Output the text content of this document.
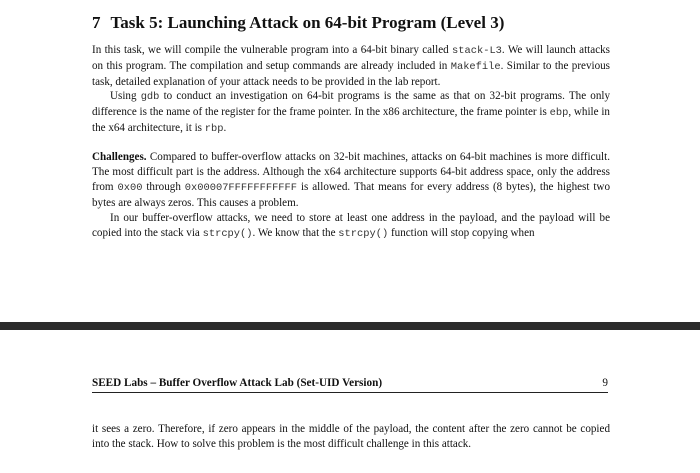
7 Task 5: Launching Attack on 64-bit Program (Level 3)
In this task, we will compile the vulnerable program into a 64-bit binary called stack-L3. We will launch attacks on this program. The compilation and setup commands are already included in Makefile. Similar to the previous task, detailed explanation of your attack needs to be provided in the lab report.
Using gdb to conduct an investigation on 64-bit programs is the same as that on 32-bit programs. The only difference is the name of the register for the frame pointer. In the x86 architecture, the frame pointer is ebp, while in the x64 architecture, it is rbp.
Challenges. Compared to buffer-overflow attacks on 32-bit machines, attacks on 64-bit machines is more difficult. The most difficult part is the address. Although the x64 architecture supports 64-bit address space, only the address from 0x00 through 0x00007FFFFFFFFFFF is allowed. That means for every address (8 bytes), the highest two bytes are always zeros. This causes a problem.
In our buffer-overflow attacks, we need to store at least one address in the payload, and the payload will be copied into the stack via strcpy(). We know that the strcpy() function will stop copying when
SEED Labs – Buffer Overflow Attack Lab (Set-UID Version)	9
it sees a zero. Therefore, if zero appears in the middle of the payload, the content after the zero cannot be copied into the stack. How to solve this problem is the most difficult challenge in this attack.
